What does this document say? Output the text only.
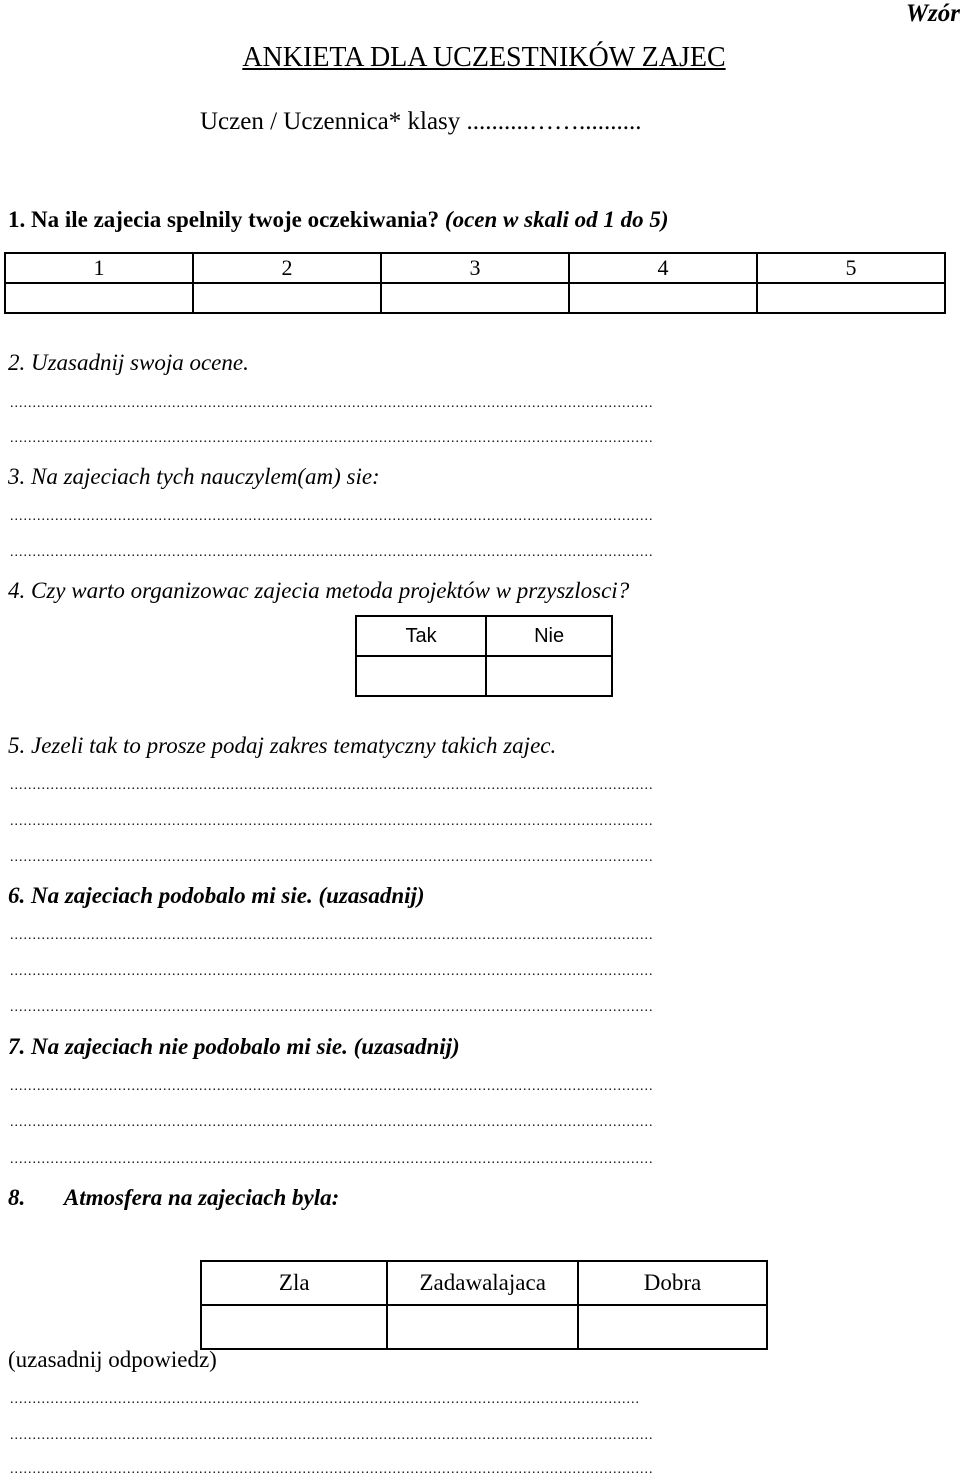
Wzór
ANKIETA DLA UCZESTNIKÓW ZAJEC
Uczen / Uczennica* klasy ..........……..........
1. Na ile zajecia spelnily twoje oczekiwania? (ocen w skali od 1 do 5)
1	2	3	4	5

2. Uzasadnij swoja ocene.
...............................................................................................................................................
...............................................................................................................................................
3. Na zajeciach tych nauczylem(am) sie:
...............................................................................................................................................
...............................................................................................................................................
4. Czy warto organizowac zajecia metoda projektów w przyszlosci?
Tak	Nie

5. Jezeli tak to prosze podaj zakres tematyczny takich zajec.
...............................................................................................................................................
...............................................................................................................................................
...............................................................................................................................................
6. Na zajeciach podobalo mi sie. (uzasadnij)
...............................................................................................................................................
...............................................................................................................................................
...............................................................................................................................................
7. Na zajeciach nie podobalo mi sie. (uzasadnij)
...............................................................................................................................................
...............................................................................................................................................
...............................................................................................................................................
8. Atmosfera na zajeciach byla:
Zla	Zadawalajaca	Dobra

(uzasadnij odpowiedz)
............................................................................................................................................
...............................................................................................................................................
...............................................................................................................................................
